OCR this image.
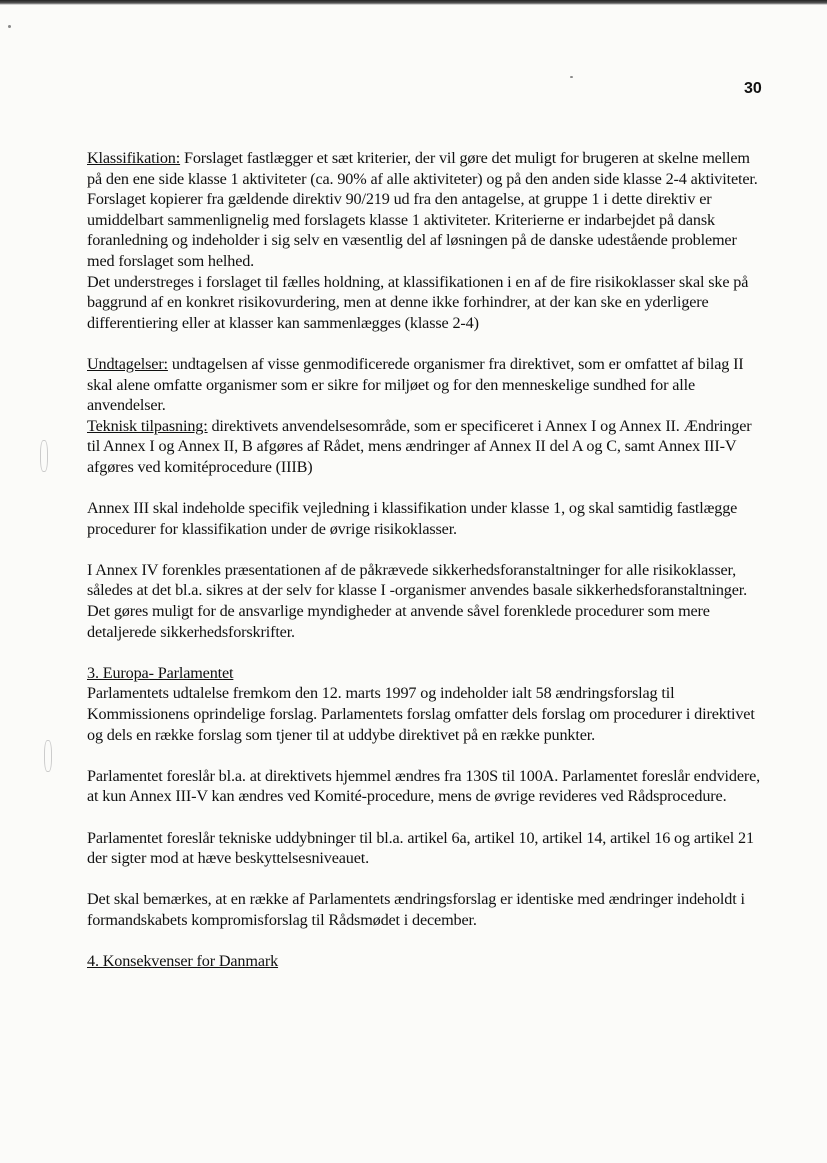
30

Klassifikation: Forslaget fastlægger et sæt kriterier, der vil gøre det muligt for brugeren at skelne mellem på den ene side klasse 1 aktiviteter (ca. 90% af alle aktiviteter) og på den anden side klasse 2-4 aktiviteter. Forslaget kopierer fra gældende direktiv 90/219 ud fra den antagelse, at gruppe 1 i dette direktiv er umiddelbart sammenlignelig med forslagets klasse 1 aktiviteter. Kriterierne er indarbejdet på dansk foranledning og indeholder i sig selv en væsentlig del af løsningen på de danske udestående problemer med forslaget som helhed.

Det understreges i forslaget til fælles holdning, at klassifikationen i en af de fire risikoklasser skal ske på baggrund af en konkret risikovurdering, men at denne ikke forhindrer, at der kan ske en yderligere differentiering eller at klasser kan sammenlægges (klasse 2-4)

Undtagelser: undtagelsen af visse genmodificerede organismer fra direktivet, som er omfattet af bilag II skal alene omfatte organismer som er sikre for miljøet og for den menneskelige sundhed for alle anvendelser.

Teknisk tilpasning: direktivets anvendelsesområde, som er specificeret i Annex I og Annex II. Ændringer til Annex I og Annex II, B afgøres af Rådet, mens ændringer af Annex II del A og C, samt Annex III-V afgøres ved komitéprocedure (IIIB)

Annex III skal indeholde specifik vejledning i klassifikation under klasse 1, og skal samtidig fastlægge procedurer for klassifikation under de øvrige risikoklasser.

I Annex IV forenkles præsentationen af de påkrævede sikkerhedsforanstaltninger for alle risikoklasser, således at det bl.a. sikres at der selv for klasse I -organismer anvendes basale sikkerhedsforanstaltninger. Det gøres muligt for de ansvarlige myndigheder at anvende såvel forenklede procedurer som mere detaljerede sikkerhedsforskrifter.

3. Europa- Parlamentet

Parlamentets udtalelse fremkom den 12. marts 1997 og indeholder ialt 58 ændringsforslag til Kommissionens oprindelige forslag. Parlamentets forslag omfatter dels forslag om procedurer i direktivet og dels en række forslag som tjener til at uddybe direktivet på en række punkter.

Parlamentet foreslår bl.a. at direktivets hjemmel ændres fra 130S til 100A. Parlamentet foreslår endvidere, at kun Annex III-V kan ændres ved Komité-procedure, mens de øvrige revideres ved Rådsprocedure.

Parlamentet foreslår tekniske uddybninger til bl.a. artikel 6a, artikel 10, artikel 14, artikel 16 og artikel 21 der sigter mod at hæve beskyttelsesniveauet.

Det skal bemærkes, at en række af Parlamentets ændringsforslag er identiske med ændringer indeholdt i formandskabets kompromisforslag til Rådsmødet i december.

4. Konsekvenser for Danmark
